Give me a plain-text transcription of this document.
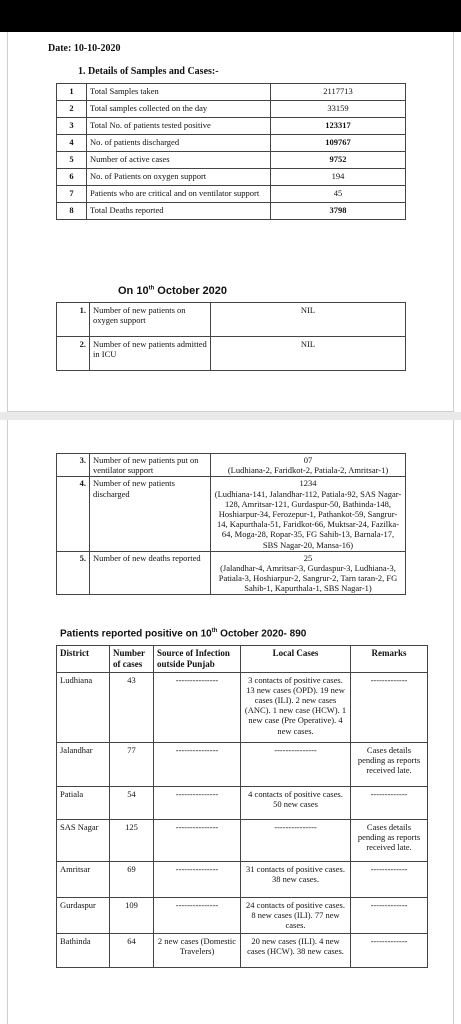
Date: 10-10-2020
1. Details of Samples and Cases:-
1	Total Samples taken	2117713
2	Total samples collected on the day	33159
3	Total No. of patients tested positive	123317
4	No. of patients discharged	109767
5	Number of active cases	9752
6	No. of Patients on oxygen support	194
7	Patients who are critical and on ventilator support	45
8	Total Deaths reported	3798
On 10th October 2020
1.	Number of new patients on oxygen support	NIL
2.	Number of new patients admitted in ICU	NIL
3.	Number of new patients put on ventilator support	07
(Ludhiana-2, Faridkot-2, Patiala-2, Amritsar-1)

4.	Number of new patients discharged	1234
(Ludhiana-141, Jalandhar-112, Patiala-92, SAS Nagar-128, Amritsar-121, Gurdaspur-50, Bathinda-148, Hoshiarpur-34, Ferozepur-1, Pathankot-59, Sangrur-14, Kapurthala-51, Faridkot-66, Muktsar-24, Fazilka-64, Moga-28, Ropar-35, FG Sahib-13, Barnala-17, SBS Nagar-20, Mansa-16)

5.	Number of new deaths reported	25
(Jalandhar-4, Amritsar-3, Gurdaspur-3, Ludhiana-3, Patiala-3, Hoshiarpur-2, Sangrur-2, Tarn taran-2, FG Sahib-1, Kapurthala-1, SBS Nagar-1)
Patients reported positive on 10th October 2020- 890
District	Number of cases	Source of Infection outside Punjab	Local Cases	Remarks
Ludhiana	43	---------------	3 contacts of positive cases. 13 new cases (OPD). 19 new cases (ILI). 2 new cases (ANC). 1 new case (HCW). 1 new case (Pre Operative). 4 new cases.	-------------
Jalandhar	77	---------------	---------------	Cases details pending as reports received late.
Patiala	54	---------------	4 contacts of positive cases. 50 new cases	-------------
SAS Nagar	125	---------------	---------------	Cases details pending as reports received late.
Amritsar	69	---------------	31 contacts of positive cases. 38 new cases.	-------------
Gurdaspur	109	---------------	24 contacts of positive cases. 8 new cases (ILI). 77 new cases.	-------------
Bathinda	64	2 new cases (Domestic Travelers)	20 new cases (ILI). 4 new cases (HCW). 38 new cases.	-------------
